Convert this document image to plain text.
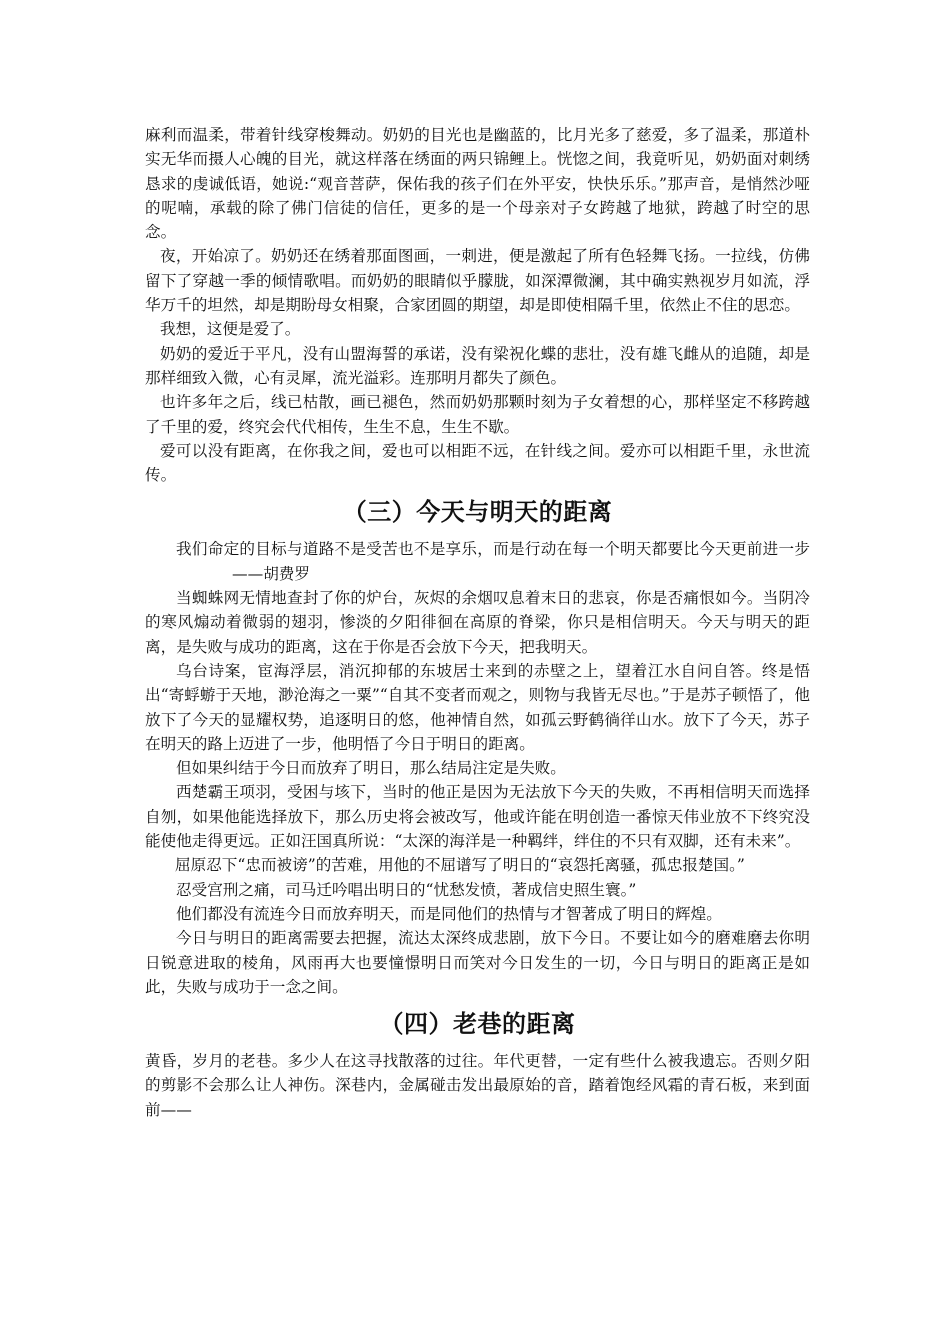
麻利而温柔，带着针线穿梭舞动。奶奶的目光也是幽蓝的，比月光多了慈爱，多了温柔，那道朴实无华而摄人心魄的目光，就这样落在绣面的两只锦鲤上。恍惚之间，我竟听见，奶奶面对刺绣恳求的虔诚低语，她说:“观音菩萨，保佑我的孩子们在外平安，快快乐乐。”那声音，是悄然沙哑的呢喃，承载的除了佛门信徒的信任，更多的是一个母亲对子女跨越了地狱，跨越了时空的思念。

夜，开始凉了。奶奶还在绣着那面图画，一刺进，便是激起了所有色轻舞飞扬。一拉线，仿佛留下了穿越一季的倾情歌唱。而奶奶的眼睛似乎朦胧，如深潭微澜，其中确实熟视岁月如流，浮华万千的坦然，却是期盼母女相聚，合家团圆的期望，却是即使相隔千里，依然止不住的思恋。

我想，这便是爱了。

奶奶的爱近于平凡，没有山盟海誓的承诺，没有梁祝化蝶的悲壮，没有雄飞雌从的追随，却是那样细致入微，心有灵犀，流光溢彩。连那明月都失了颜色。

也许多年之后，线已枯散，画已褪色，然而奶奶那颗时刻为子女着想的心，那样坚定不移跨越了千里的爱，终究会代代相传，生生不息，生生不歇。

爱可以没有距离，在你我之间，爱也可以相距不远，在针线之间。爱亦可以相距千里，永世流传。

（三）今天与明天的距离

我们命定的目标与道路不是受苦也不是享乐，而是行动在每一个明天都要比今天更前进一步——胡费罗

当蜘蛛网无情地查封了你的炉台，灰烬的余烟叹息着末日的悲哀，你是否痛恨如今。当阴冷的寒风煽动着微弱的翅羽，惨淡的夕阳徘徊在高原的脊梁，你只是相信明天。今天与明天的距离，是失败与成功的距离，这在于你是否会放下今天，把我明天。

乌台诗案，宦海浮层，消沉抑郁的东坡居士来到的赤壁之上，望着江水自问自答。终是悟出“寄蜉蝣于天地，渺沧海之一粟”“自其不变者而观之，则物与我皆无尽也。”于是苏子顿悟了，他放下了今天的显耀权势，追逐明日的悠，他神情自然，如孤云野鹤徜徉山水。放下了今天，苏子在明天的路上迈进了一步，他明悟了今日于明日的距离。

但如果纠结于今日而放弃了明日，那么结局注定是失败。

西楚霸王项羽，受困与垓下，当时的他正是因为无法放下今天的失败，不再相信明天而选择自刎，如果他能选择放下，那么历史将会被改写，他或许能在明创造一番惊天伟业放不下终究没能使他走得更远。正如汪国真所说：“太深的海洋是一种羁绊，绊住的不只有双脚，还有未来”。

屈原忍下“忠而被谤”的苦难，用他的不屈谱写了明日的“哀怨托离骚，孤忠报楚国。”

忍受宫刑之痛，司马迁吟唱出明日的“忧愁发愤，著成信史照生寰。”

他们都没有流连今日而放弃明天，而是同他们的热情与才智著成了明日的辉煌。

今日与明日的距离需要去把握，流达太深终成悲剧，放下今日。不要让如今的磨难磨去你明日锐意进取的棱角，风雨再大也要憧憬明日而笑对今日发生的一切，今日与明日的距离正是如此，失败与成功于一念之间。

（四）老巷的距离

黄昏，岁月的老巷。多少人在这寻找散落的过往。年代更替，一定有些什么被我遗忘。否则夕阳的剪影不会那么让人神伤。深巷内，金属碰击发出最原始的音，踏着饱经风霜的青石板，来到面前——
